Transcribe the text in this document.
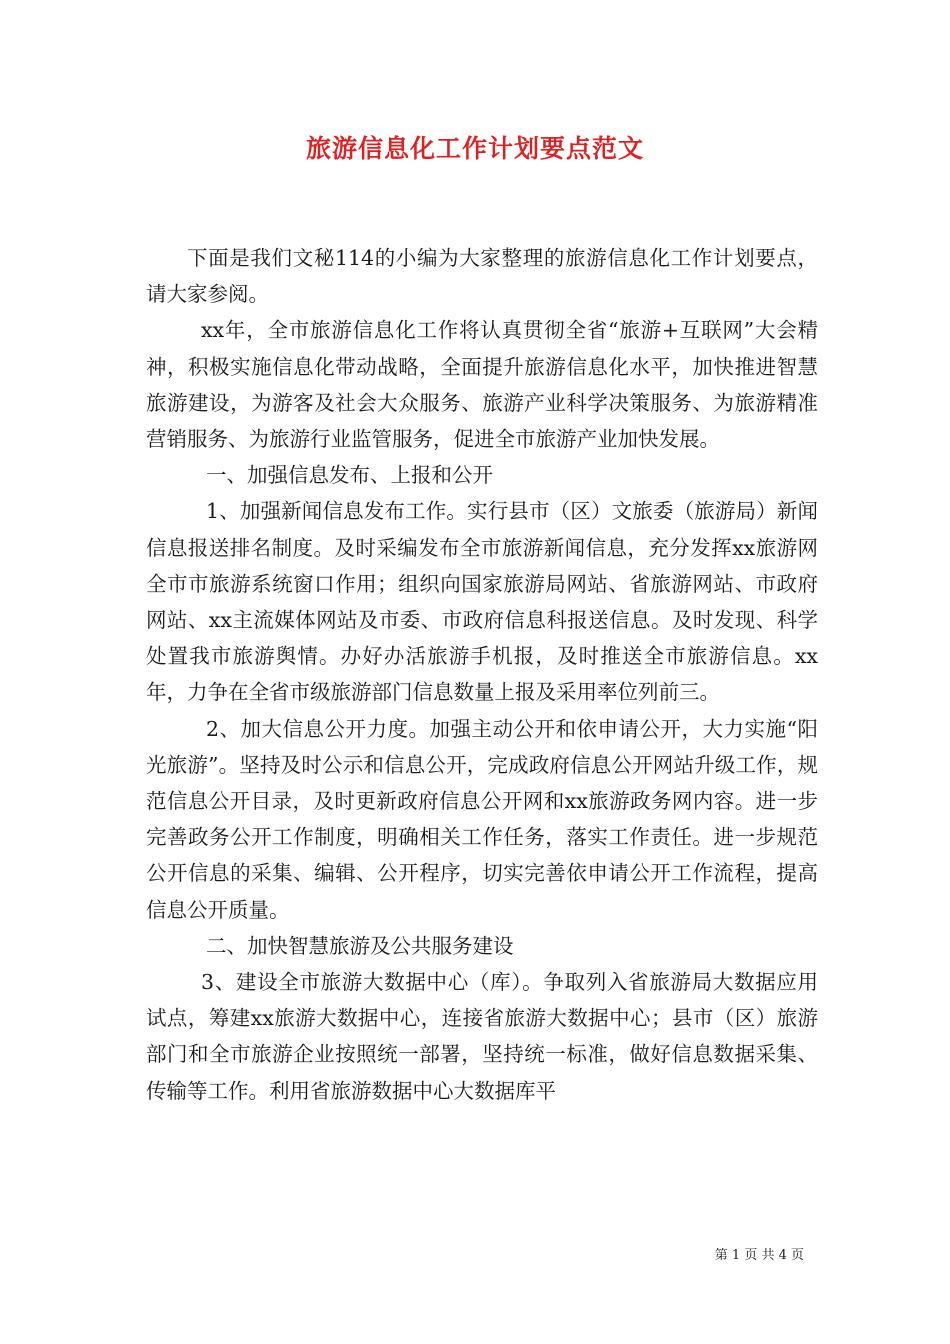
旅游信息化工作计划要点范文

下面是我们文秘114的小编为大家整理的旅游信息化工作计划要点，请大家参阅。

xx年，全市旅游信息化工作将认真贯彻全省“旅游+互联网”大会精神，积极实施信息化带动战略，全面提升旅游信息化水平，加快推进智慧旅游建设，为游客及社会大众服务、旅游产业科学决策服务、为旅游精准营销服务、为旅游行业监管服务，促进全市旅游产业加快发展。

一、加强信息发布、上报和公开

1、加强新闻信息发布工作。实行县市（区）文旅委（旅游局）新闻信息报送排名制度。及时采编发布全市旅游新闻信息，充分发挥xx旅游网全市市旅游系统窗口作用；组织向国家旅游局网站、省旅游网站、市政府网站、xx主流媒体网站及市委、市政府信息科报送信息。及时发现、科学处置我市旅游舆情。办好办活旅游手机报，及时推送全市旅游信息。xx年，力争在全省市级旅游部门信息数量上报及采用率位列前三。

2、加大信息公开力度。加强主动公开和依申请公开，大力实施“阳光旅游”。坚持及时公示和信息公开，完成政府信息公开网站升级工作，规范信息公开目录，及时更新政府信息公开网和xx旅游政务网内容。进一步完善政务公开工作制度，明确相关工作任务，落实工作责任。进一步规范公开信息的采集、编辑、公开程序，切实完善依申请公开工作流程，提高信息公开质量。

二、加快智慧旅游及公共服务建设

3、建设全市旅游大数据中心（库）。争取列入省旅游局大数据应用试点，筹建xx旅游大数据中心，连接省旅游大数据中心；县市（区）旅游部门和全市旅游企业按照统一部署，坚持统一标准，做好信息数据采集、传输等工作。利用省旅游数据中心大数据库平

第 1 页 共 4 页
